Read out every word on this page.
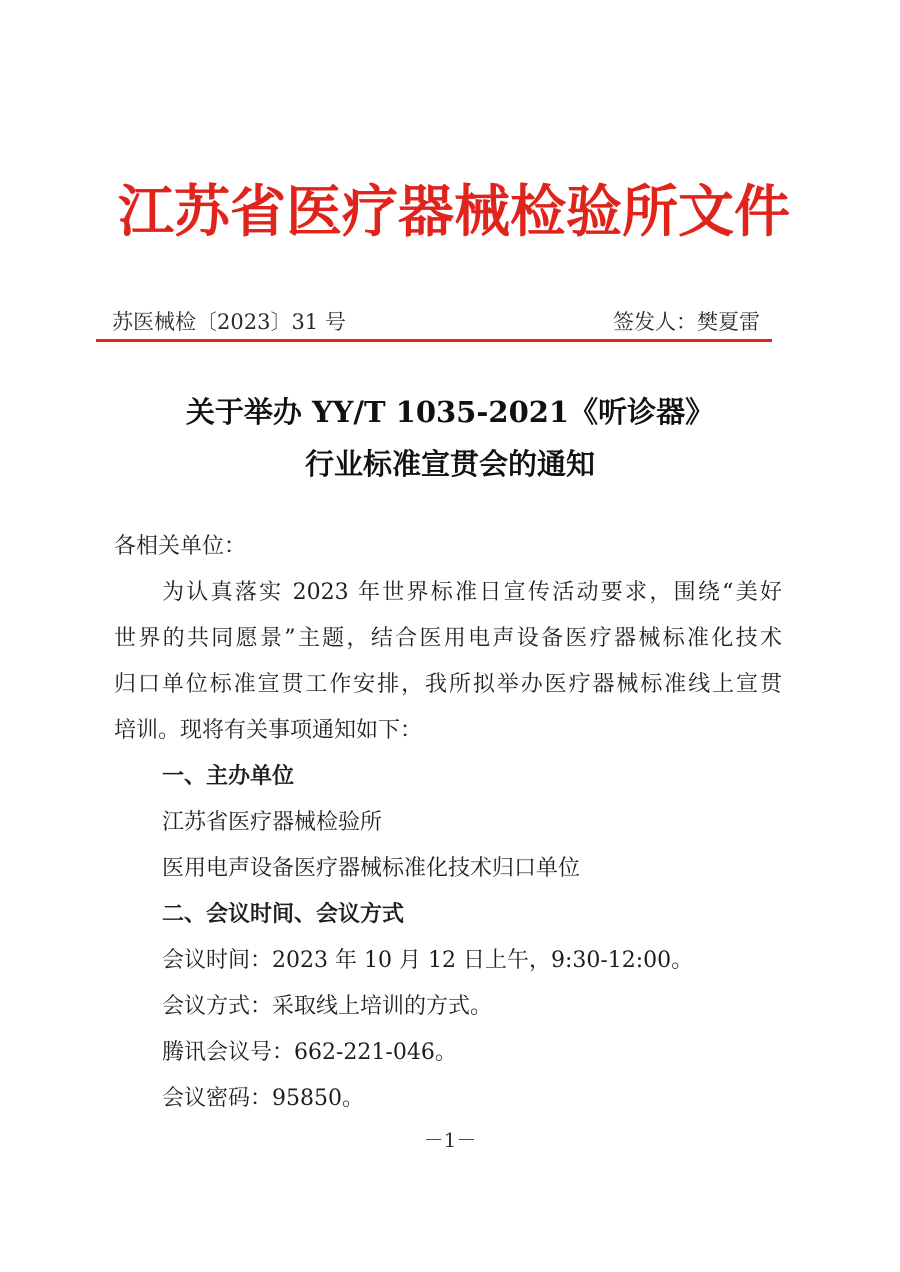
江苏省医疗器械检验所文件
苏医械检〔2023〕31 号	签发人：樊夏雷
关于举办 YY/T 1035-2021《听诊器》
行业标准宣贯会的通知
各相关单位：
为认真落实 2023 年世界标准日宣传活动要求，围绕“美好
世界的共同愿景”主题，结合医用电声设备医疗器械标准化技术
归口单位标准宣贯工作安排，我所拟举办医疗器械标准线上宣贯
培训。现将有关事项通知如下：
一、主办单位
江苏省医疗器械检验所
医用电声设备医疗器械标准化技术归口单位
二、会议时间、会议方式
会议时间：2023 年 10 月 12 日上午，9:30-12:00。
会议方式：采取线上培训的方式。
腾讯会议号：662-221-046。
会议密码：95850。
－1－
